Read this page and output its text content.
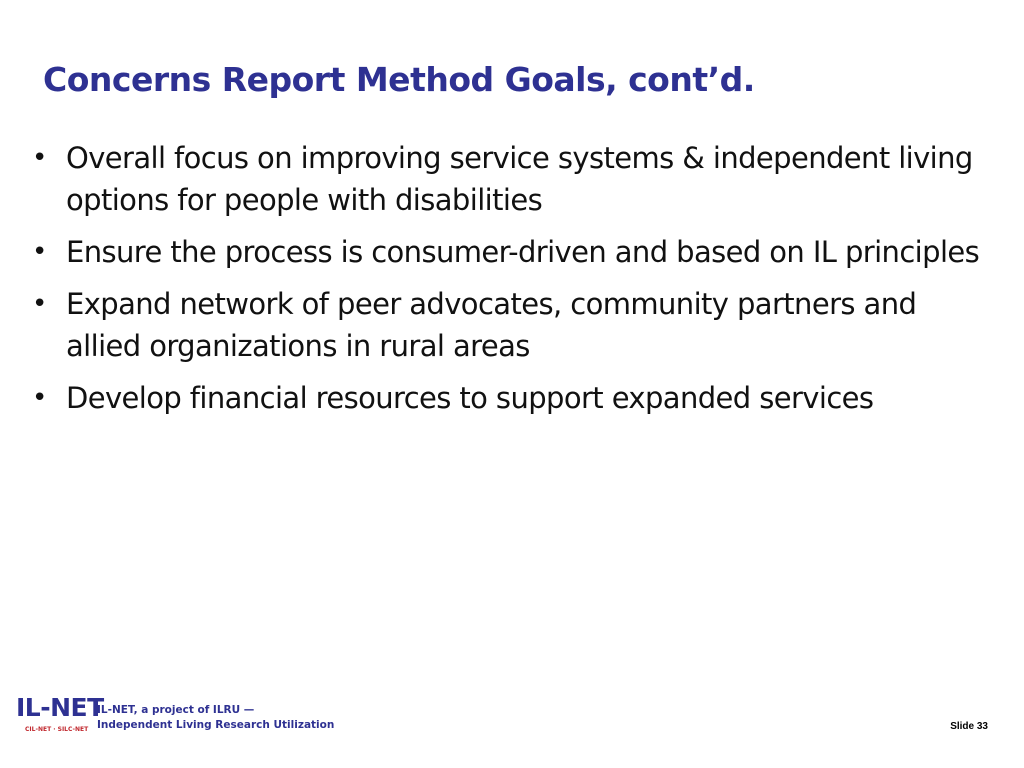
Concerns Report Method Goals, cont’d.
• Overall focus on improving service systems & independent living options for people with disabilities
• Ensure the process is consumer-driven and based on IL principles
• Expand network of peer advocates, community partners and allied organizations in rural areas
• Develop financial resources to support expanded services
IL-NET
CIL-NET · SILC-NET
IL-NET, a project of ILRU —
Independent Living Research Utilization	Slide 33
